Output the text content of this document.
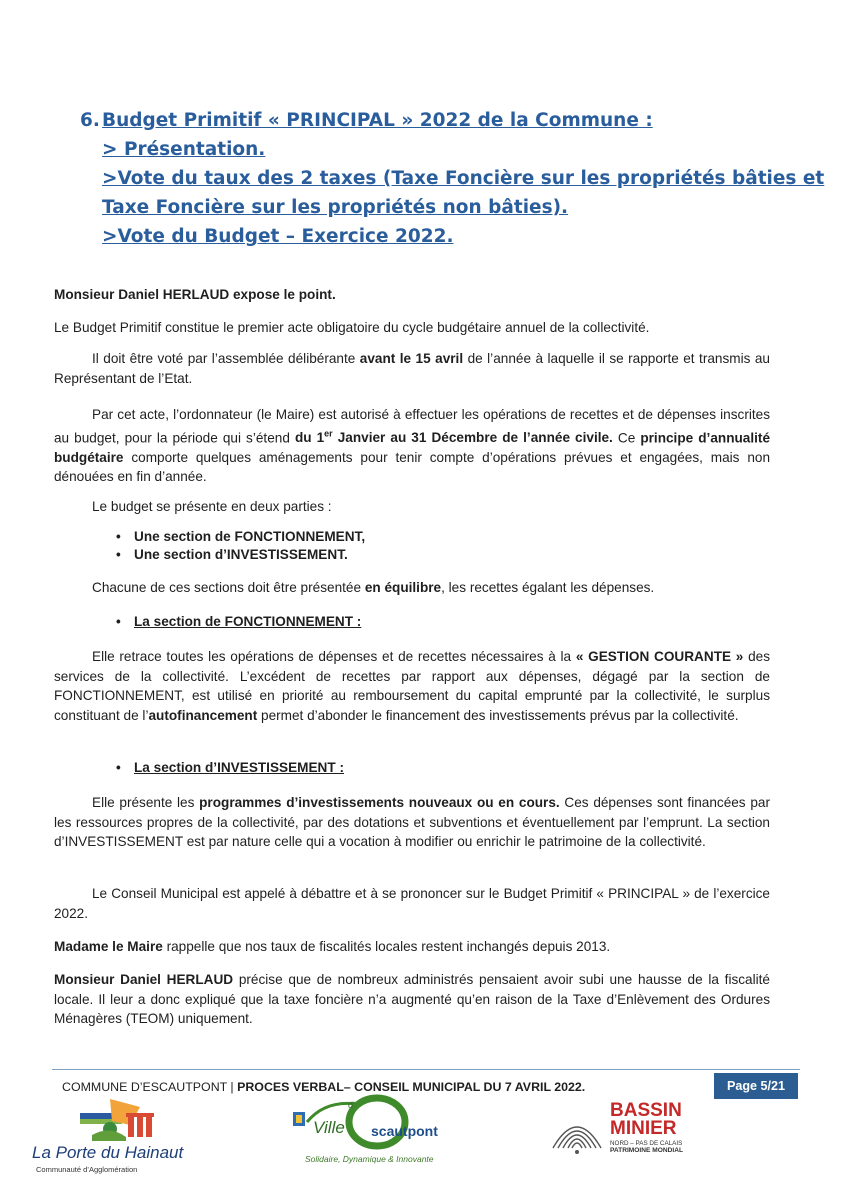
6. Budget Primitif « PRINCIPAL » 2022 de la Commune :
> Présentation.
>Vote du taux des 2 taxes (Taxe Foncière sur les propriétés bâties et
Taxe Foncière sur les propriétés non bâties).
>Vote du Budget – Exercice 2022.

Monsieur Daniel HERLAUD expose le point.

Le Budget Primitif constitue le premier acte obligatoire du cycle budgétaire annuel de la collectivité.

Il doit être voté par l’assemblée délibérante avant le 15 avril de l’année à laquelle il se rapporte et transmis au Représentant de l’Etat.

Par cet acte, l’ordonnateur (le Maire) est autorisé à effectuer les opérations de recettes et de dépenses inscrites au budget, pour la période qui s’étend du 1er Janvier au 31 Décembre de l’année civile. Ce principe d’annualité budgétaire comporte quelques aménagements pour tenir compte d’opérations prévues et engagées, mais non dénouées en fin d’année.

Le budget se présente en deux parties :

• Une section de FONCTIONNEMENT,
• Une section d’INVESTISSEMENT.

Chacune de ces sections doit être présentée en équilibre, les recettes égalant les dépenses.

• La section de FONCTIONNEMENT :

Elle retrace toutes les opérations de dépenses et de recettes nécessaires à la « GESTION COURANTE » des services de la collectivité. L’excédent de recettes par rapport aux dépenses, dégagé par la section de FONCTIONNEMENT, est utilisé en priorité au remboursement du capital emprunté par la collectivité, le surplus constituant de l’autofinancement permet d’abonder le financement des investissements prévus par la collectivité.

• La section d’INVESTISSEMENT :

Elle présente les programmes d’investissements nouveaux ou en cours. Ces dépenses sont financées par les ressources propres de la collectivité, par des dotations et subventions et éventuellement par l’emprunt. La section d’INVESTISSEMENT est par nature celle qui a vocation à modifier ou enrichir le patrimoine de la collectivité.

Le Conseil Municipal est appelé à débattre et à se prononcer sur le Budget Primitif « PRINCIPAL » de l’exercice 2022.

Madame le Maire rappelle que nos taux de fiscalités locales restent inchangés depuis 2013.

Monsieur Daniel HERLAUD précise que de nombreux administrés pensaient avoir subi une hausse de la fiscalité locale. Il leur a donc expliqué que la taxe foncière n’a augmenté qu’en raison de la Taxe d’Enlèvement des Ordures Ménagères (TEOM) uniquement.

COMMUNE D’ESCAUTPONT | PROCES VERBAL– CONSEIL MUNICIPAL DU 7 AVRIL 2022.	Page 5/21
La Porte du Hainaut
Communauté d’Agglomération
Ville
d’
scautpont
Solidaire, Dynamique & Innovante
BASSIN
MINIER
NORD – PAS DE CALAIS
PATRIMOINE MONDIAL
